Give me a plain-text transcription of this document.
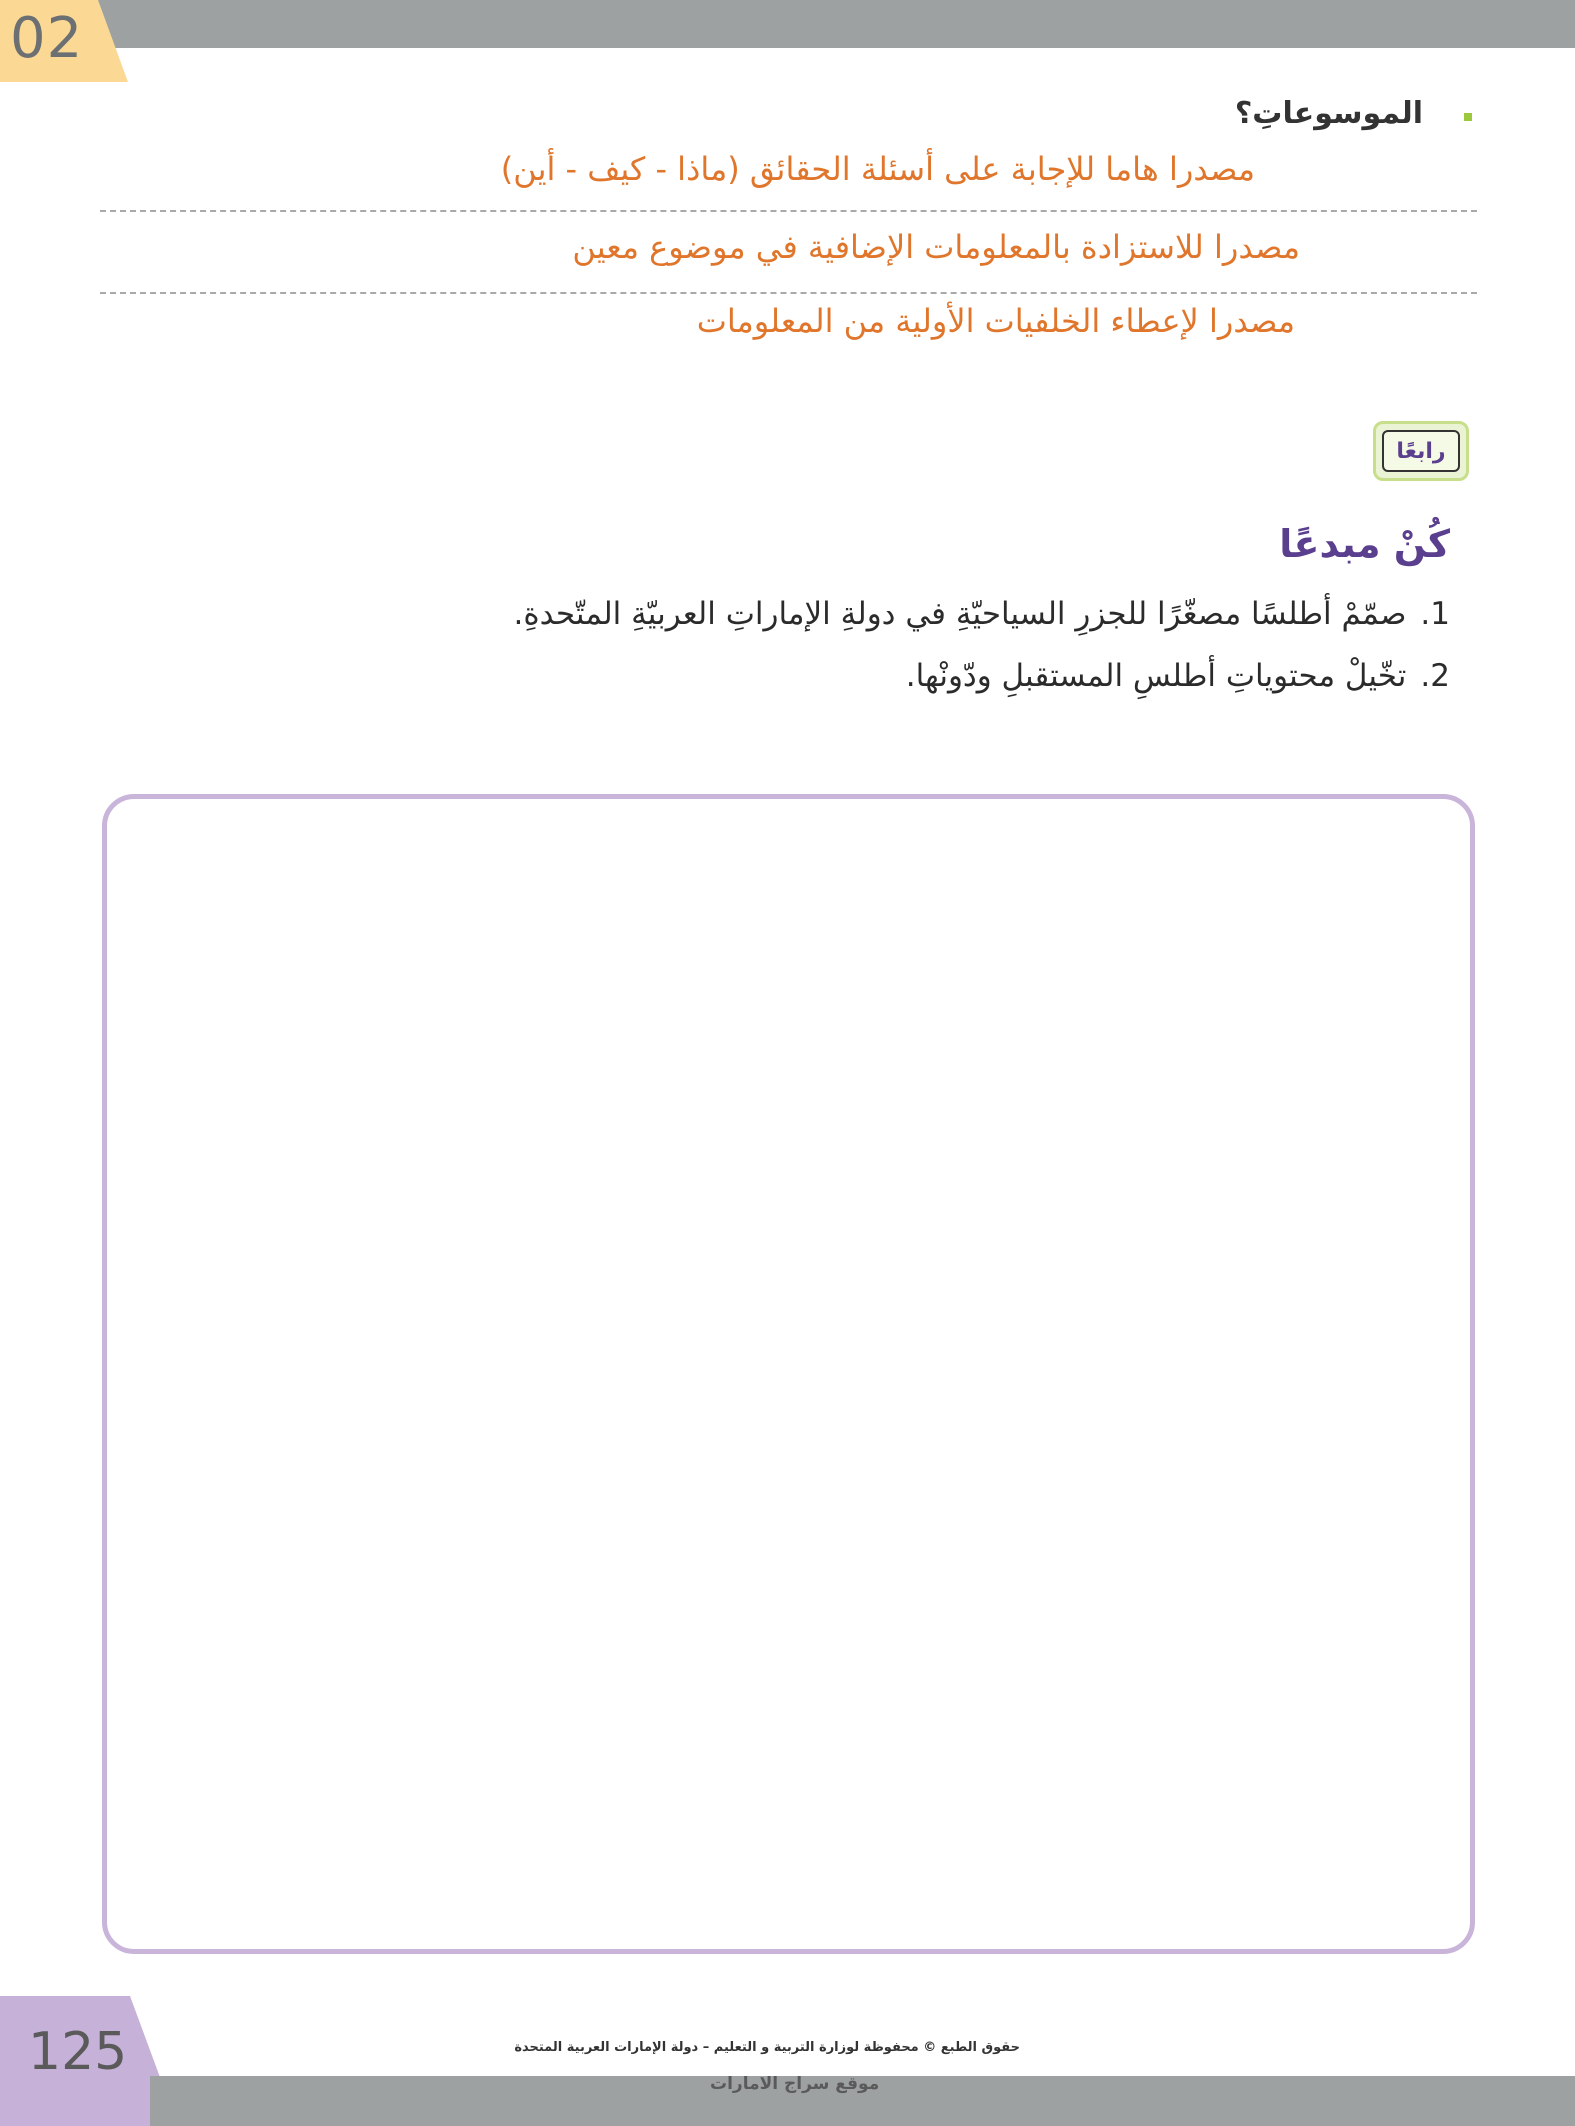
02
الموسوعاتِ؟
مصدرا هاما للإجابة على أسئلة الحقائق (ماذا - كيف - أين)
مصدرا للاستزادة بالمعلومات الإضافية في موضوع معين
مصدرا لإعطاء الخلفيات الأولية من المعلومات
رابعًا
كُنْ مبدعًا
1.صمّمْ أطلسًا مصغّرًا للجزرِ السياحيّةِ في دولةِ الإماراتِ العربيّةِ المتّحدةِ.
2.تخّيلْ محتوياتِ أطلسِ المستقبلِ ودّونْها.
125	حقوق الطبع © محفوظة لوزارة التربية و التعليم – دولة الإمارات العربية المتحدة
موقع سراج الامارات
